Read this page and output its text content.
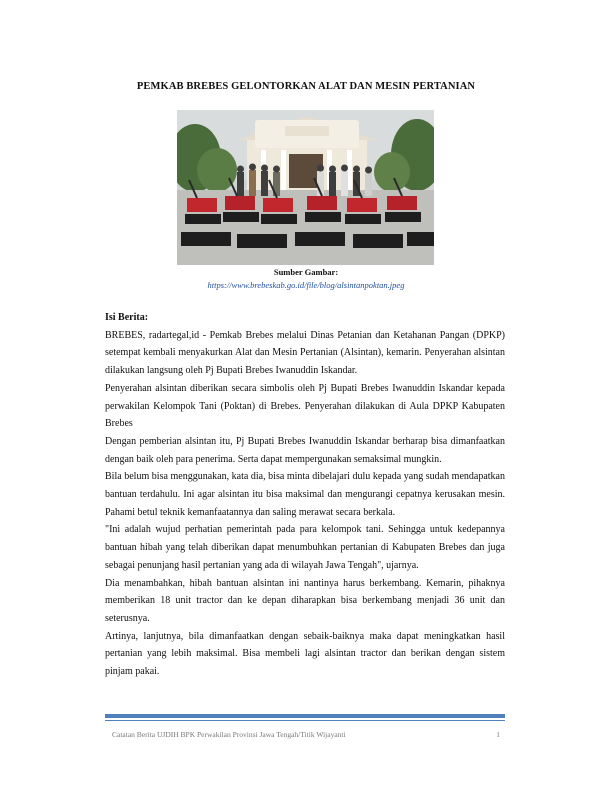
PEMKAB BREBES GELONTORKAN ALAT DAN MESIN PERTANIAN
Sumber Gambar:
https://www.brebeskab.go.id/file/blog/alsintanpoktan.jpeg

Isi Berita:

BREBES, radartegal,id - Pemkab Brebes melalui Dinas Petanian dan Ketahanan Pangan (DPKP) setempat kembali menyakurkan Alat dan Mesin Pertanian (Alsintan), kemarin. Penyerahan alsintan dilakukan langsung oleh Pj Bupati Brebes Iwanuddin Iskandar.

Penyerahan alsintan diberikan secara simbolis oleh Pj Bupati Brebes Iwanuddin Iskandar kepada perwakilan Kelompok Tani (Poktan) di Brebes. Penyerahan dilakukan di Aula DPKP Kabupaten Brebes

Dengan pemberian alsintan itu, Pj Bupati Brebes Iwanuddin Iskandar berharap bisa dimanfaatkan dengan baik oleh para penerima. Serta dapat mempergunakan semaksimal mungkin.

Bila belum bisa menggunakan, kata dia, bisa minta dibelajari dulu kepada yang sudah mendapatkan bantuan terdahulu. Ini agar alsintan itu bisa maksimal dan mengurangi cepatnya kerusakan mesin. Pahami betul teknik kemanfaatannya dan saling merawat secara berkala.

"Ini adalah wujud perhatian pemerintah pada para kelompok tani. Sehingga untuk kedepannya bantuan hibah yang telah diberikan dapat menumbuhkan pertanian di Kabupaten Brebes dan juga sebagai penunjang hasil pertanian yang ada di wilayah Jawa Tengah", ujarnya.

Dia menambahkan, hibah bantuan alsintan ini nantinya harus berkembang. Kemarin, pihaknya memberikan 18 unit tractor dan ke depan diharapkan bisa berkembang menjadi 36 unit dan seterusnya.

Artinya, lanjutnya, bila dimanfaatkan dengan sebaik-baiknya maka dapat meningkatkan hasil pertanian yang lebih maksimal. Bisa membeli lagi alsintan tractor dan berikan dengan sistem pinjam pakai.

Catatan Berita UJDIH BPK Perwakilan Provinsi Jawa Tengah/Titik Wijayanti	1
